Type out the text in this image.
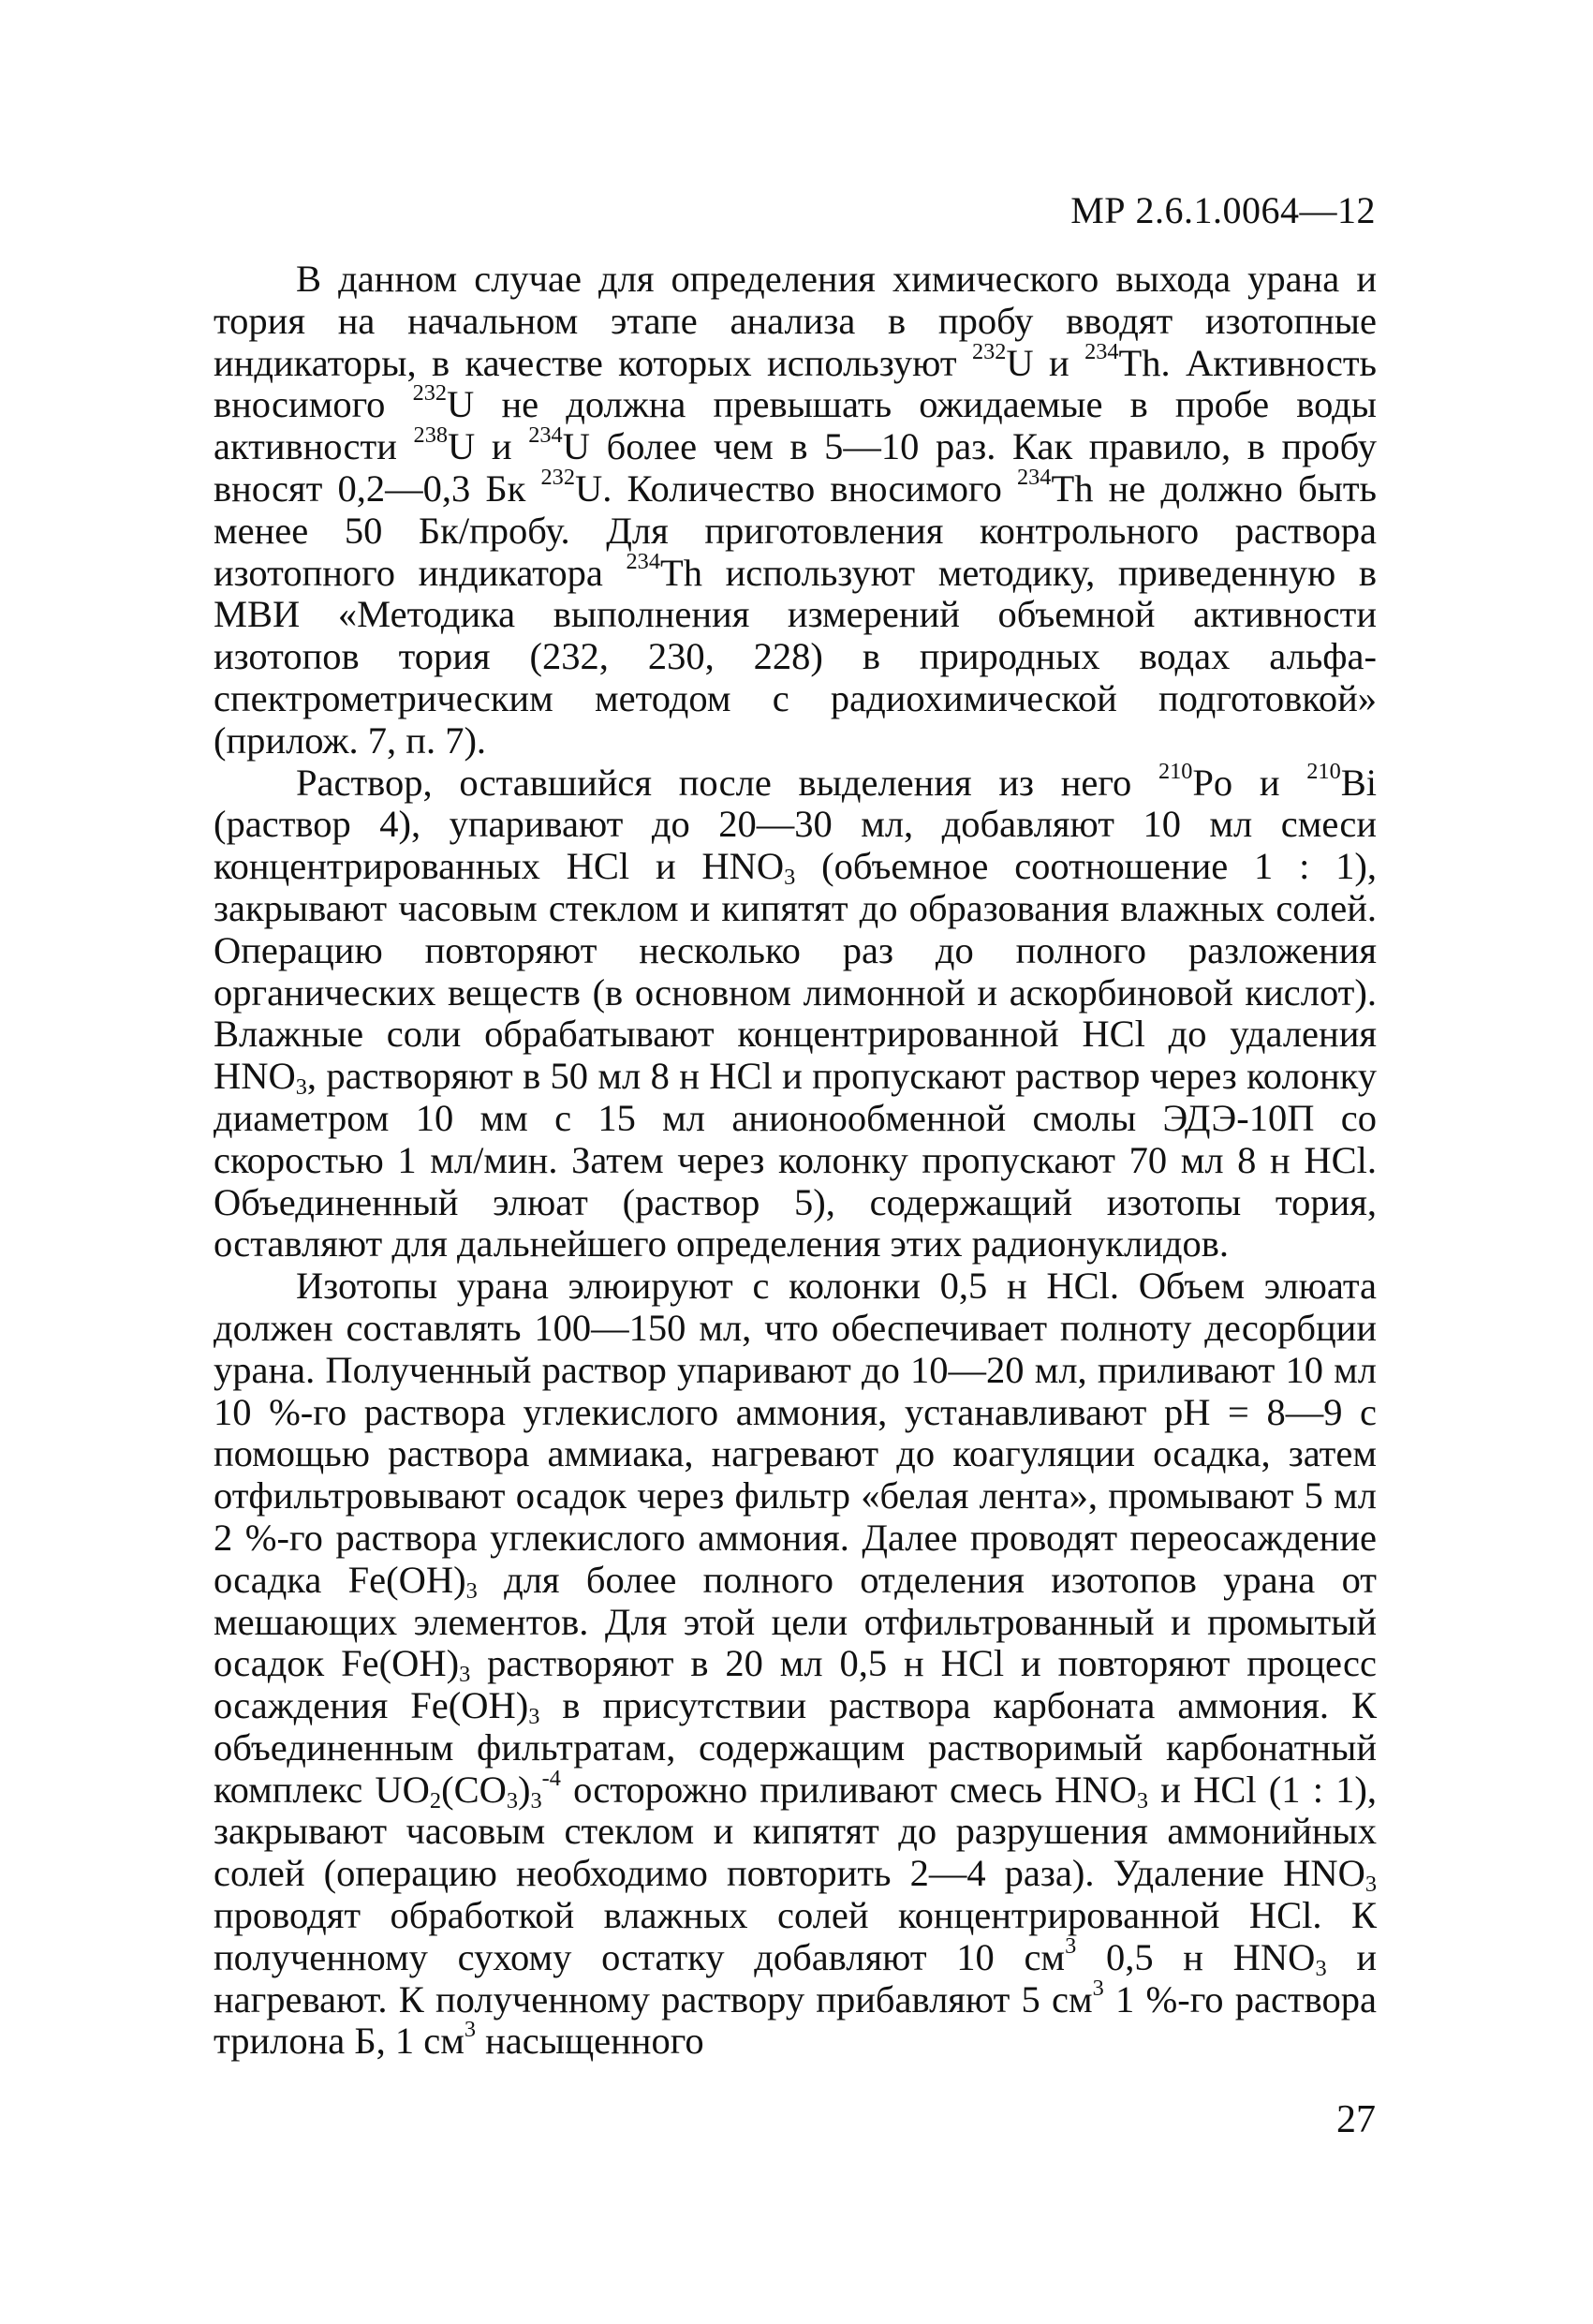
МР 2.6.1.0064—12

В данном случае для определения химического выхода урана и тория на начальном этапе анализа в пробу вводят изотопные индикаторы, в качестве которых используют $^{232}$U и $^{234}$Th. Активность вносимого $^{232}$U не должна превышать ожидаемые в пробе воды активности $^{238}$U и $^{234}$U более чем в 5—10 раз. Как правило, в пробу вносят 0,2—0,3 Бк $^{232}$U. Количество вносимого $^{234}$Th не должно быть менее 50 Бк/пробу. Для приготовления контрольного раствора изотопного индикатора $^{234}$Th используют методику, приведенную в МВИ «Методика выполнения измерений объемной активности изотопов тория (232, 230, 228) в природных водах альфа-спектрометрическим методом с радиохимической подготовкой» (прилож. 7, п. 7).

Раствор, оставшийся после выделения из него $^{210}$Po и $^{210}$Bi (раствор 4), упаривают до 20—30 мл, добавляют 10 мл смеси концентрированных HCl и $HNO_3$ (объемное соотношение 1 : 1), закрывают часовым стеклом и кипятят до образования влажных солей. Операцию повторяют несколько раз до полного разложения органических веществ (в основном лимонной и аскорбиновой кислот). Влажные соли обрабатывают концентрированной HCl до удаления $HNO_3$, растворяют в 50 мл 8 н HCl и пропускают раствор через колонку диаметром 10 мм с 15 мл анионообменной смолы ЭДЭ-10П со скоростью 1 мл/мин. Затем через колонку пропускают 70 мл 8 н HCl. Объединенный элюат (раствор 5), содержащий изотопы тория, оставляют для дальнейшего определения этих радионуклидов.

Изотопы урана элюируют с колонки 0,5 н HCl. Объем элюата должен составлять 100—150 мл, что обеспечивает полноту десорбции урана. Полученный раствор упаривают до 10—20 мл, приливают 10 мл 10 %-го раствора углекислого аммония, устанавливают pH = 8—9 с помощью раствора аммиака, нагревают до коагуляции осадка, затем отфильтровывают осадок через фильтр «белая лента», промывают 5 мл 2 %-го раствора углекислого аммония. Далее проводят переосаждение осадка $Fe(OH)_3$ для более полного отделения изотопов урана от мешающих элементов. Для этой цели отфильтрованный и промытый осадок $Fe(OH)_3$ растворяют в 20 мл 0,5 н HCl и повторяют процесс осаждения $Fe(OH)_3$ в присутствии раствора карбоната аммония. К объединенным фильтратам, содержащим растворимый карбонатный комплекс $UO_2(CO_3)_3^{-4}$ осторожно приливают смесь $HNO_3$ и HCl (1 : 1), закрывают часовым стеклом и кипятят до разрушения аммонийных солей (операцию необходимо повторить 2—4 раза). Удаление $HNO_3$ проводят обработкой влажных солей концентрированной HCl. К полученному сухому остатку добавляют 10 $см^3$ 0,5 н $HNO_3$ и нагревают. К полученному раствору прибавляют 5 $см^3$ 1 %-го раствора трилона Б, 1 $см^3$ насыщенного

27
